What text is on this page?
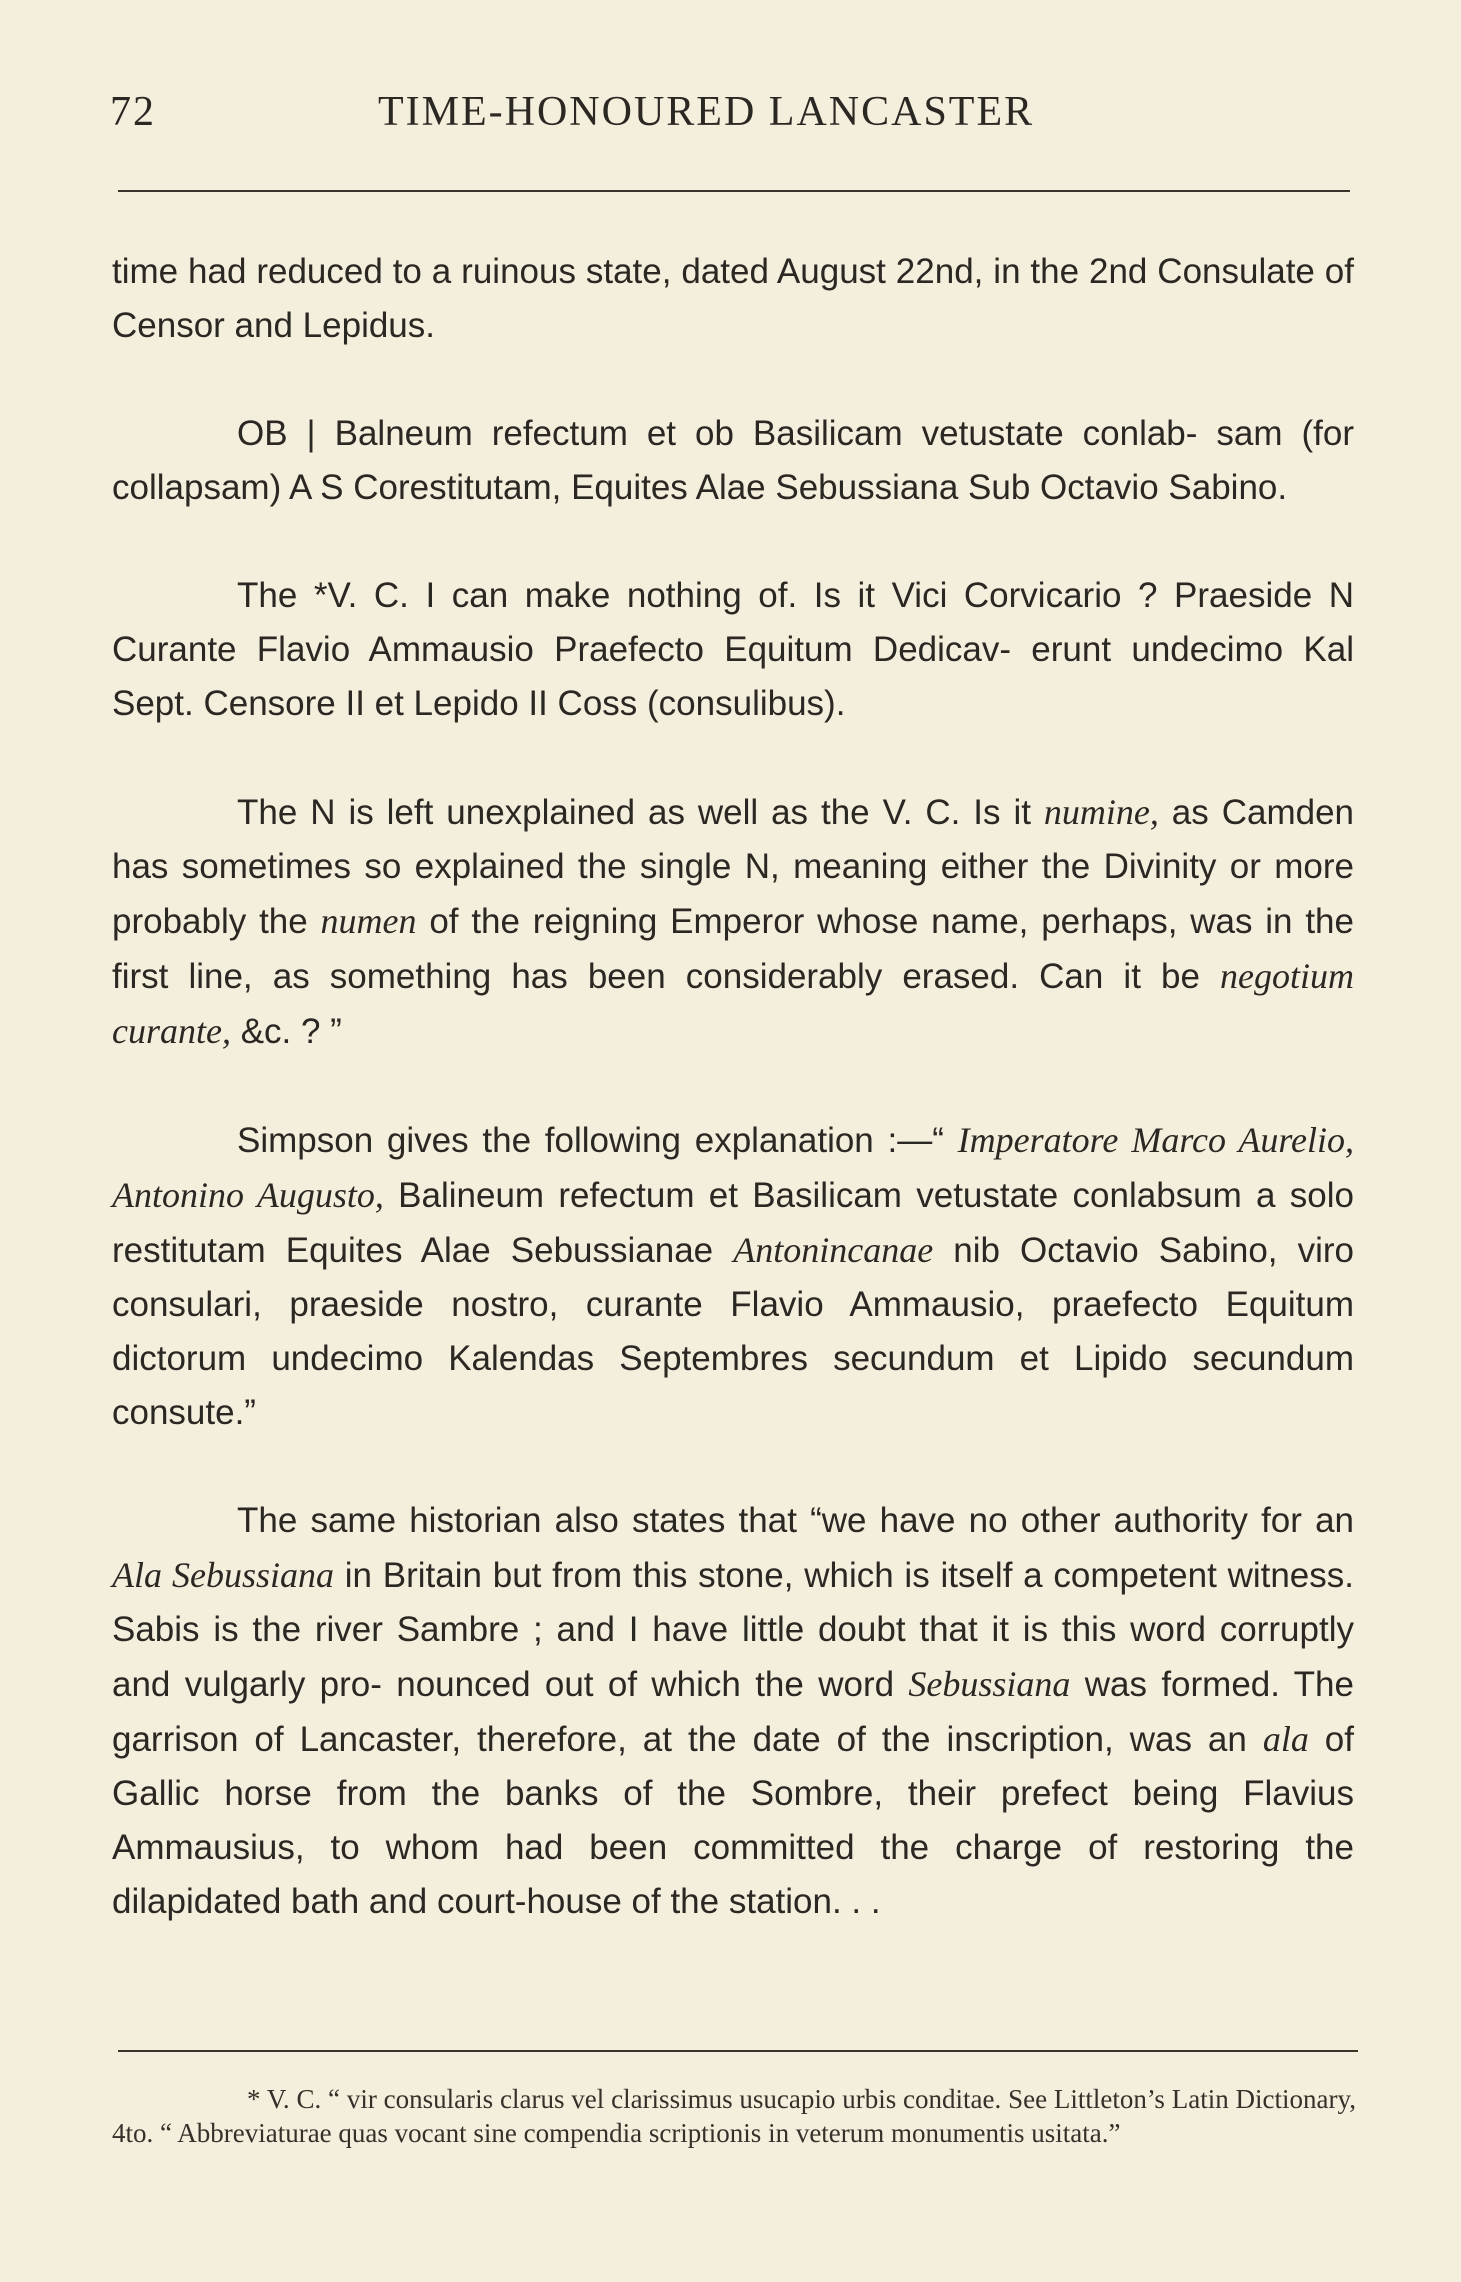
72	TIME-HONOURED LANCASTER

time had reduced to a ruinous state, dated August 22nd, in the 2nd Consulate of Censor and Lepidus.

OB | Balneum refectum et ob Basilicam vetustate conlab- sam (for collapsam) A S Corestitutam, Equites Alae Sebussiana Sub Octavio Sabino.

The *V. C. I can make nothing of. Is it Vici Corvicario ? Praeside N Curante Flavio Ammausio Praefecto Equitum Dedicav- erunt undecimo Kal Sept. Censore II et Lepido II Coss (consulibus).

The N is left unexplained as well as the V. C. Is it numine, as Camden has sometimes so explained the single N, meaning either the Divinity or more probably the numen of the reigning Emperor whose name, perhaps, was in the first line, as something has been considerably erased. Can it be negotium curante, &c. ? ”

Simpson gives the following explanation :—“ Imperatore Marco Aurelio, Antonino Augusto, Balineum refectum et Basilicam vetustate conlabsum a solo restitutam Equites Alae Sebussianae Antonincanae nib Octavio Sabino, viro consulari, praeside nostro, curante Flavio Ammausio, praefecto Equitum dictorum undecimo Kalendas Septembres secundum et Lipido secundum consute.”

The same historian also states that “we have no other authority for an Ala Sebussiana in Britain but from this stone, which is itself a competent witness. Sabis is the river Sambre ; and I have little doubt that it is this word corruptly and vulgarly pro- nounced out of which the word Sebussiana was formed. The garrison of Lancaster, therefore, at the date of the inscription, was an ala of Gallic horse from the banks of the Sombre, their prefect being Flavius Ammausius, to whom had been committed the charge of restoring the dilapidated bath and court-house of the station. . .

* V. C. “ vir consularis clarus vel clarissimus usucapio urbis conditae. See Littleton’s Latin Dictionary, 4to. “ Abbreviaturae quas vocant sine compendia scriptionis in veterum monumentis usitata.”
